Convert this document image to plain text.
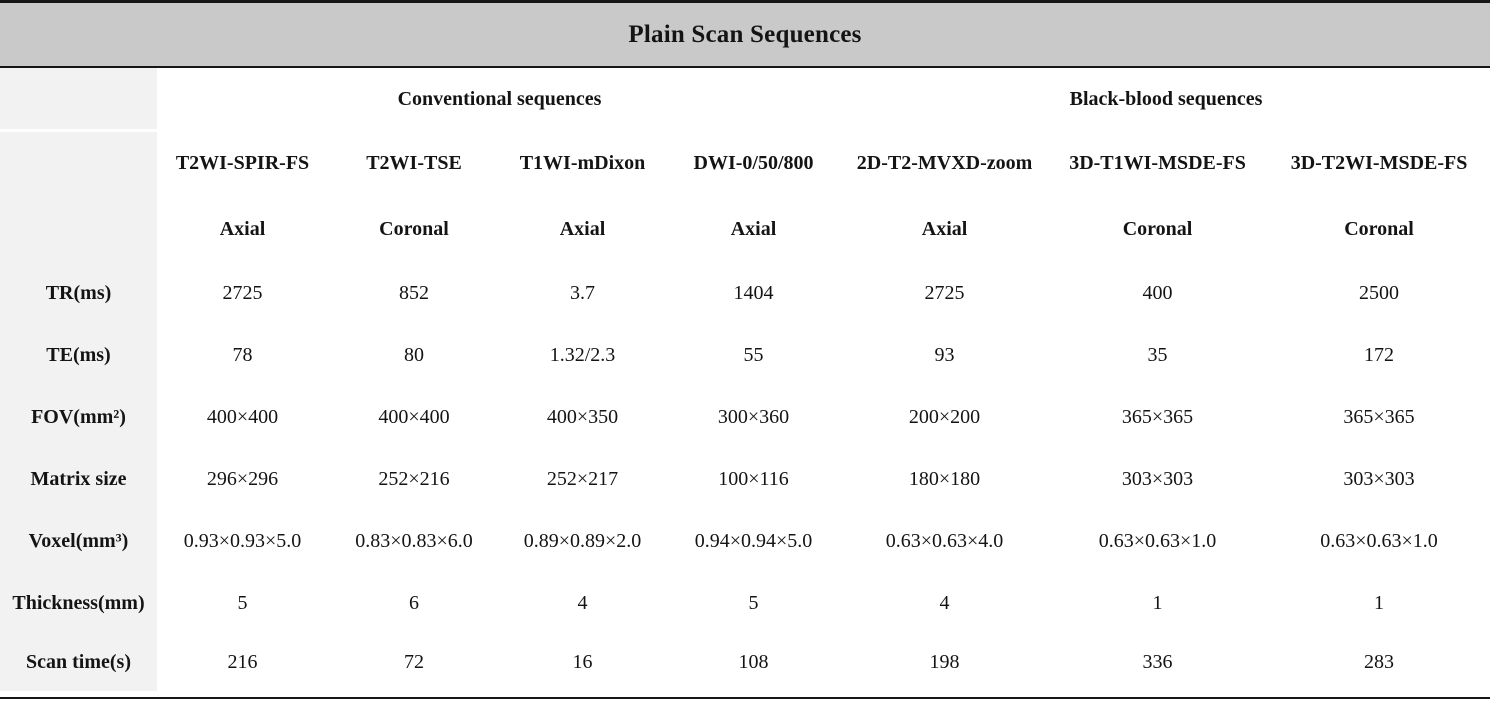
Plain Scan Sequences
	Conventional sequences				Black-blood sequences		
	T2WI-SPIR-FS	T2WI-TSE	T1WI-mDixon	DWI-0/50/800	2D-T2-MVXD-zoom	3D-T1WI-MSDE-FS	3D-T2WI-MSDE-FS
	Axial	Coronal	Axial	Axial	Axial	Coronal	Coronal
TR(ms)	2725	852	3.7	1404	2725	400	2500
TE(ms)	78	80	1.32/2.3	55	93	35	172
FOV(mm²)	400×400	400×400	400×350	300×360	200×200	365×365	365×365
Matrix size	296×296	252×216	252×217	100×116	180×180	303×303	303×303
Voxel(mm³)	0.93×0.93×5.0	0.83×0.83×6.0	0.89×0.89×2.0	0.94×0.94×5.0	0.63×0.63×4.0	0.63×0.63×1.0	0.63×0.63×1.0
Thickness(mm)	5	6	4	5	4	1	1
Scan time(s)	216	72	16	108	198	336	283
